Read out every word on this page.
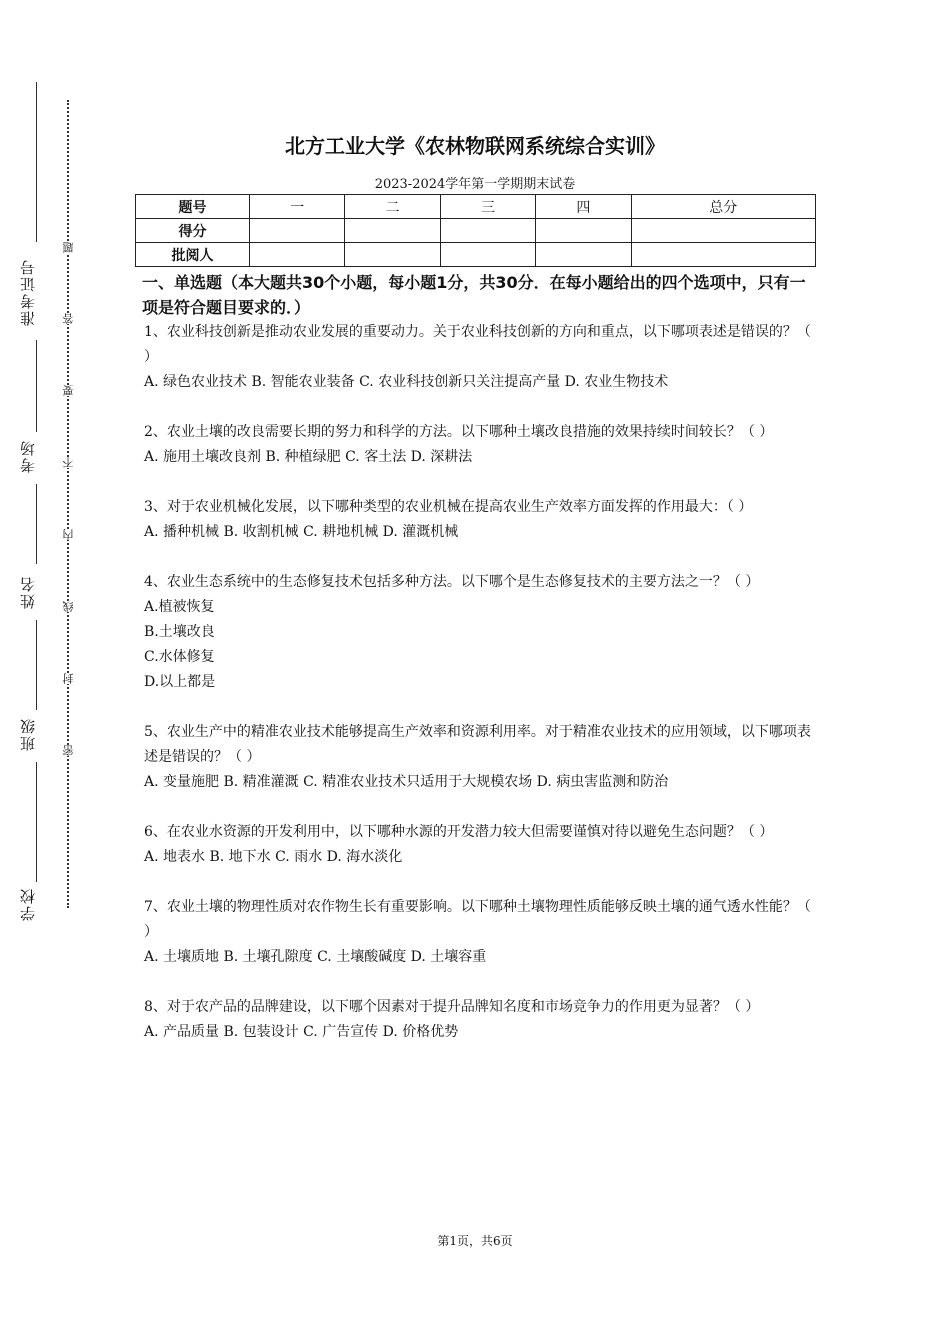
准考证号
考场
姓名
班级
学校
题
答
要
不
内
线
封
密
北方工业大学《农林物联网系统综合实训》
2023-2024学年第一学期期末试卷
题号	一	二	三	四	总分
得分					
批阅人					
一、单选题（本大题共30个小题，每小题1分，共30分．在每小题给出的四个选项中，只有一项是符合题目要求的．）
1、农业科技创新是推动农业发展的重要动力。关于农业科技创新的方向和重点，以下哪项表述是错误的？（ ）
A. 绿色农业技术 B. 智能农业装备 C. 农业科技创新只关注提高产量 D. 农业生物技术
2、农业土壤的改良需要长期的努力和科学的方法。以下哪种土壤改良措施的效果持续时间较长？（ ）
A. 施用土壤改良剂 B. 种植绿肥 C. 客土法 D. 深耕法
3、对于农业机械化发展，以下哪种类型的农业机械在提高农业生产效率方面发挥的作用最大：（ ）
A. 播种机械 B. 收割机械 C. 耕地机械 D. 灌溉机械
4、农业生态系统中的生态修复技术包括多种方法。以下哪个是生态修复技术的主要方法之一？（ ）
A.植被恢复
B.土壤改良
C.水体修复
D.以上都是
5、农业生产中的精准农业技术能够提高生产效率和资源利用率。对于精准农业技术的应用领域，以下哪项表述是错误的？（ ）
A. 变量施肥 B. 精准灌溉 C. 精准农业技术只适用于大规模农场 D. 病虫害监测和防治
6、在农业水资源的开发利用中，以下哪种水源的开发潜力较大但需要谨慎对待以避免生态问题？（ ）
A. 地表水 B. 地下水 C. 雨水 D. 海水淡化
7、农业土壤的物理性质对农作物生长有重要影响。以下哪种土壤物理性质能够反映土壤的通气透水性能？（ ）
A. 土壤质地 B. 土壤孔隙度 C. 土壤酸碱度 D. 土壤容重
8、对于农产品的品牌建设，以下哪个因素对于提升品牌知名度和市场竞争力的作用更为显著？（ ）
A. 产品质量 B. 包装设计 C. 广告宣传 D. 价格优势
第1页，共6页
